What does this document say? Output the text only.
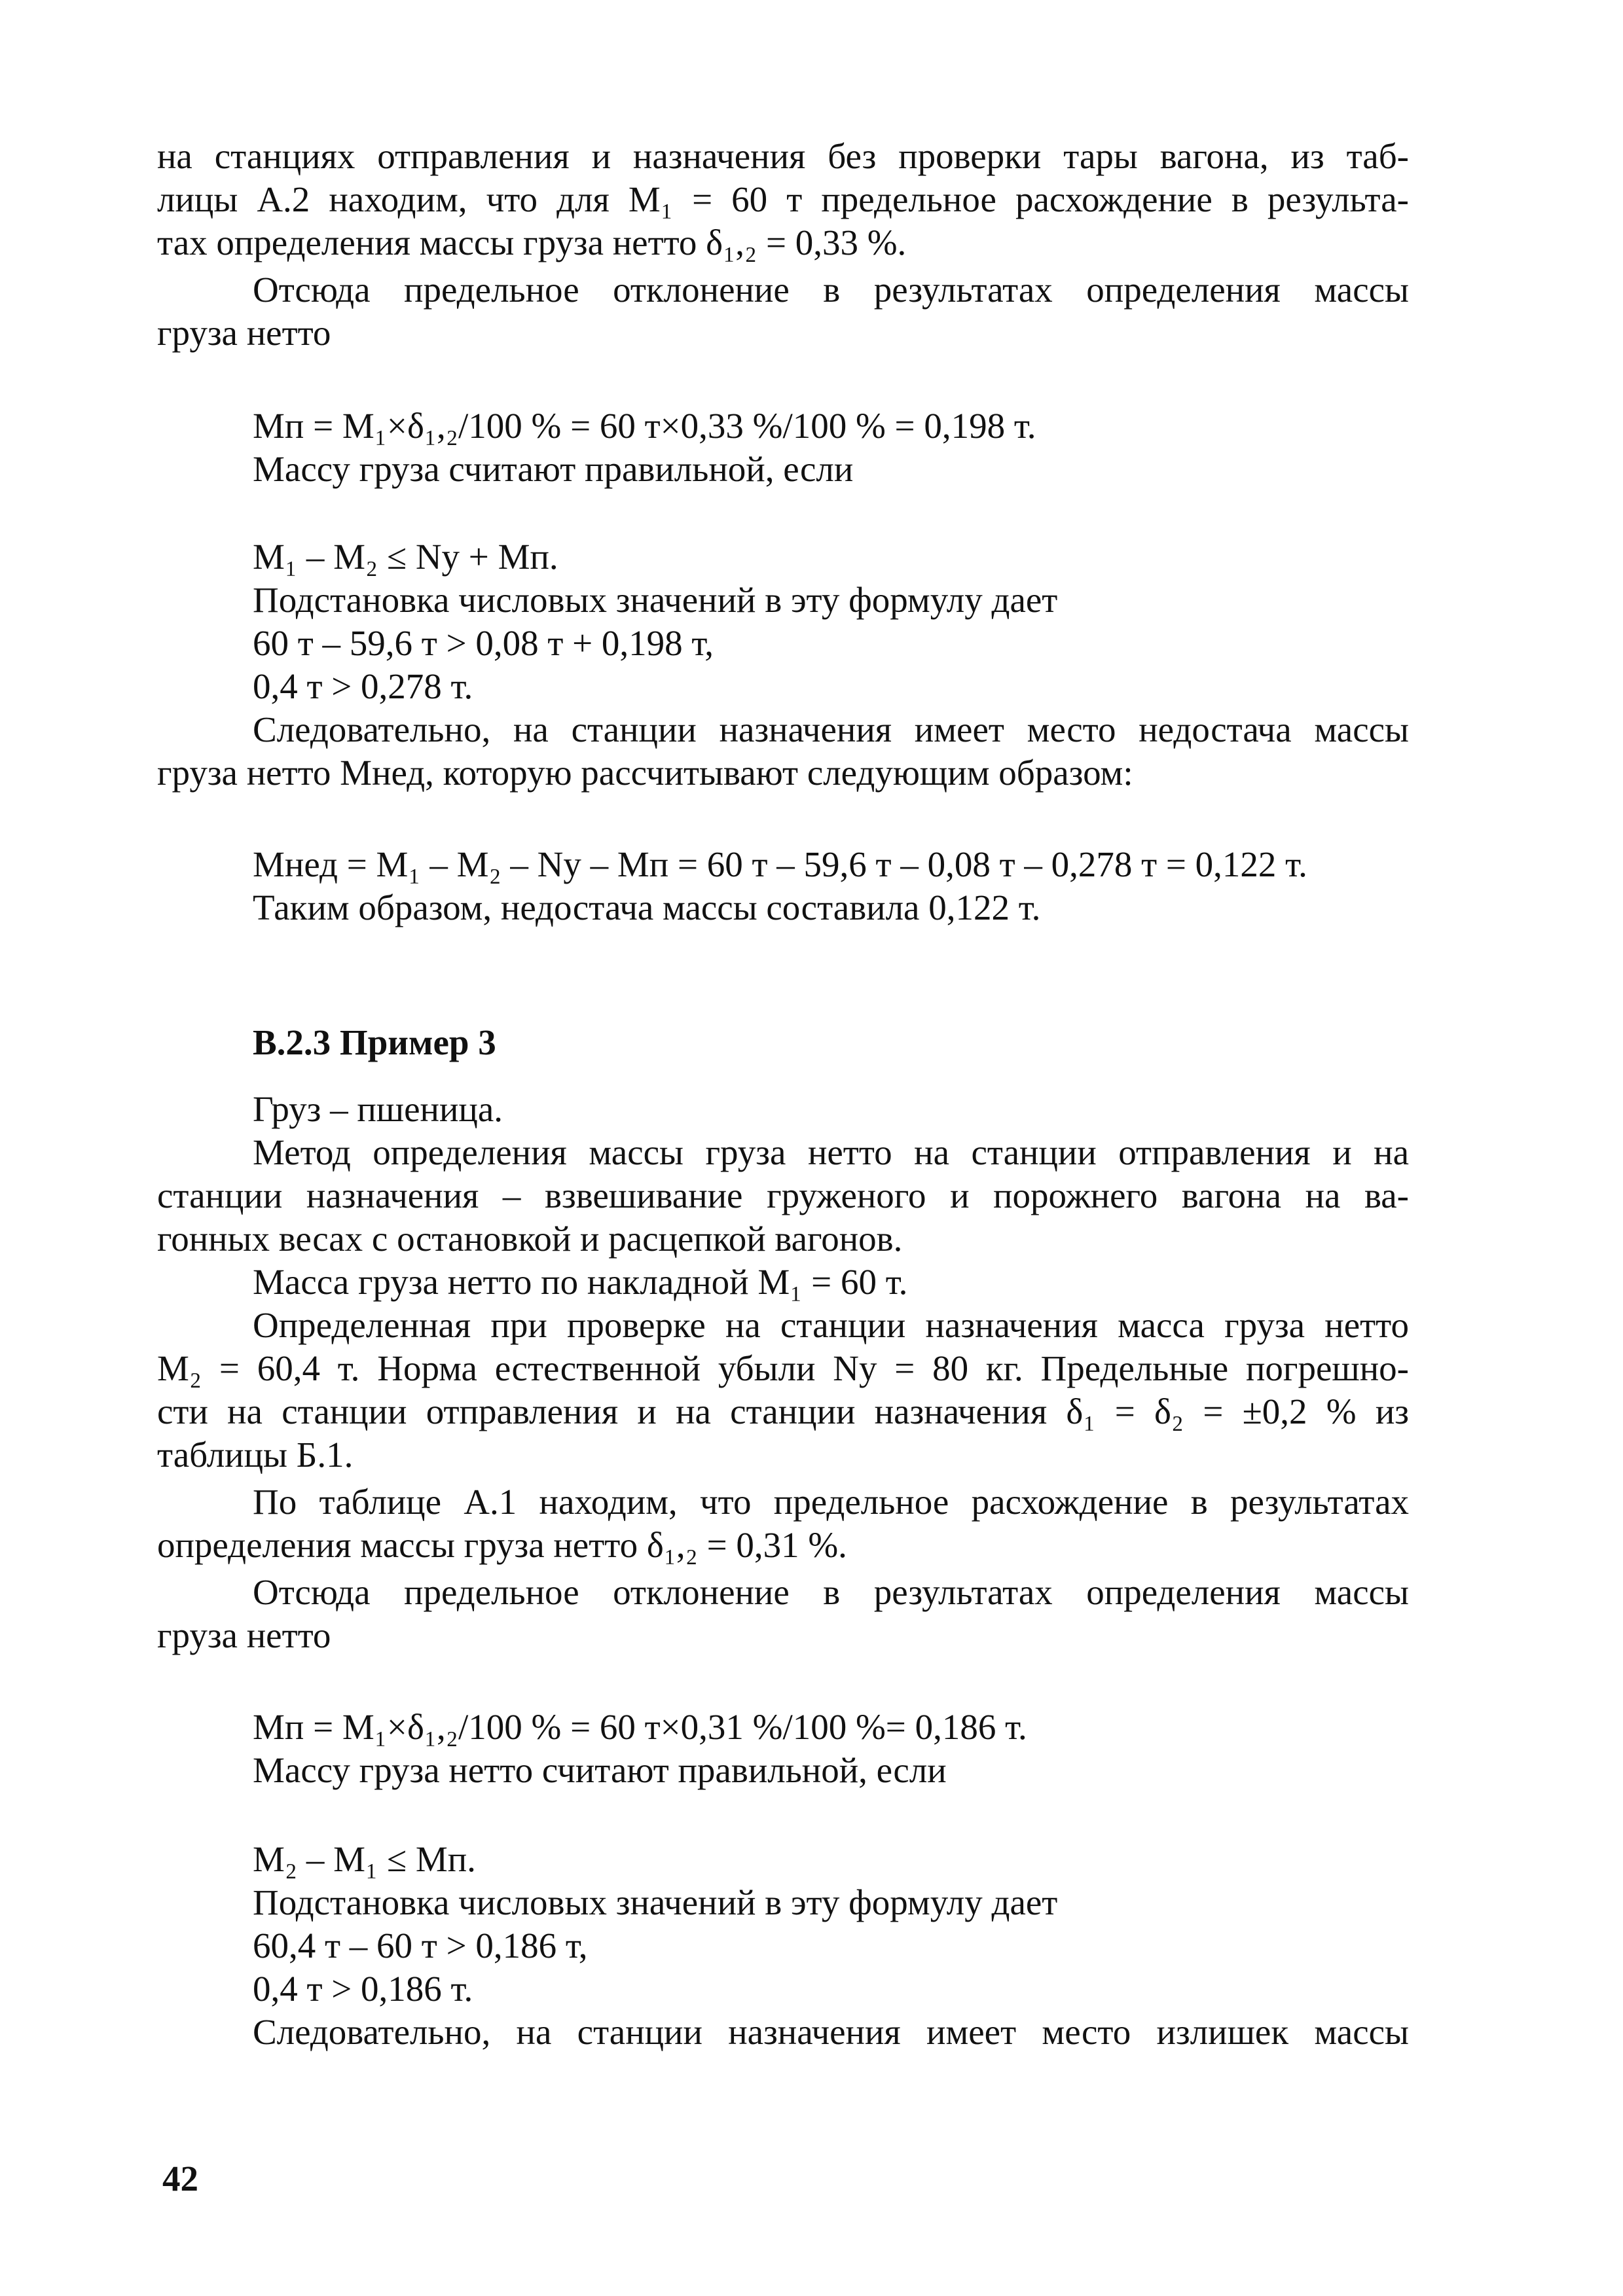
на станциях отправления и назначения без проверки тары вагона, из таб-
лицы А.2 находим, что для M₁ = 60 т предельное расхождение в результа-
тах определения массы груза нетто δ₁,₂ = 0,33 %.
Отсюда предельное отклонение в результатах определения массы
груза нетто
Mп = M₁×δ₁,₂/100 % = 60 т×0,33 %/100 % = 0,198 т.
Массу груза считают правильной, если
M₁ – M₂ ≤ Nу + Mп.
Подстановка числовых значений в эту формулу дает
60 т – 59,6 т > 0,08 т + 0,198 т,
0,4 т > 0,278 т.
Следовательно, на станции назначения имеет место недостача массы
груза нетто Mнед, которую рассчитывают следующим образом:
Mнед = M₁ – M₂ – Ny – Mп = 60 т – 59,6 т – 0,08 т – 0,278 т = 0,122 т.
Таким образом, недостача массы составила 0,122 т.
В.2.3 Пример 3
Груз – пшеница.
Метод определения массы груза нетто на станции отправления и на
станции назначения – взвешивание груженого и порожнего вагона на ва-
гонных весах с остановкой и расцепкой вагонов.
Масса груза нетто по накладной M₁ = 60 т.
Определенная при проверке на станции назначения масса груза нетто
M₂ = 60,4 т. Норма естественной убыли Nу = 80 кг. Предельные погрешно-
сти на станции отправления и на станции назначения δ₁ = δ₂ = ±0,2 % из
таблицы Б.1.
По таблице А.1 находим, что предельное расхождение в результатах
определения массы груза нетто δ₁,₂ = 0,31 %.
Отсюда предельное отклонение в результатах определения массы
груза нетто
Mп = M₁×δ₁,₂/100 % = 60 т×0,31 %/100 %= 0,186 т.
Массу груза нетто считают правильной, если
M₂ – M₁ ≤ Mп.
Подстановка числовых значений в эту формулу дает
60,4 т – 60 т > 0,186 т,
0,4 т > 0,186 т.
Следовательно, на станции назначения имеет место излишек массы
42
